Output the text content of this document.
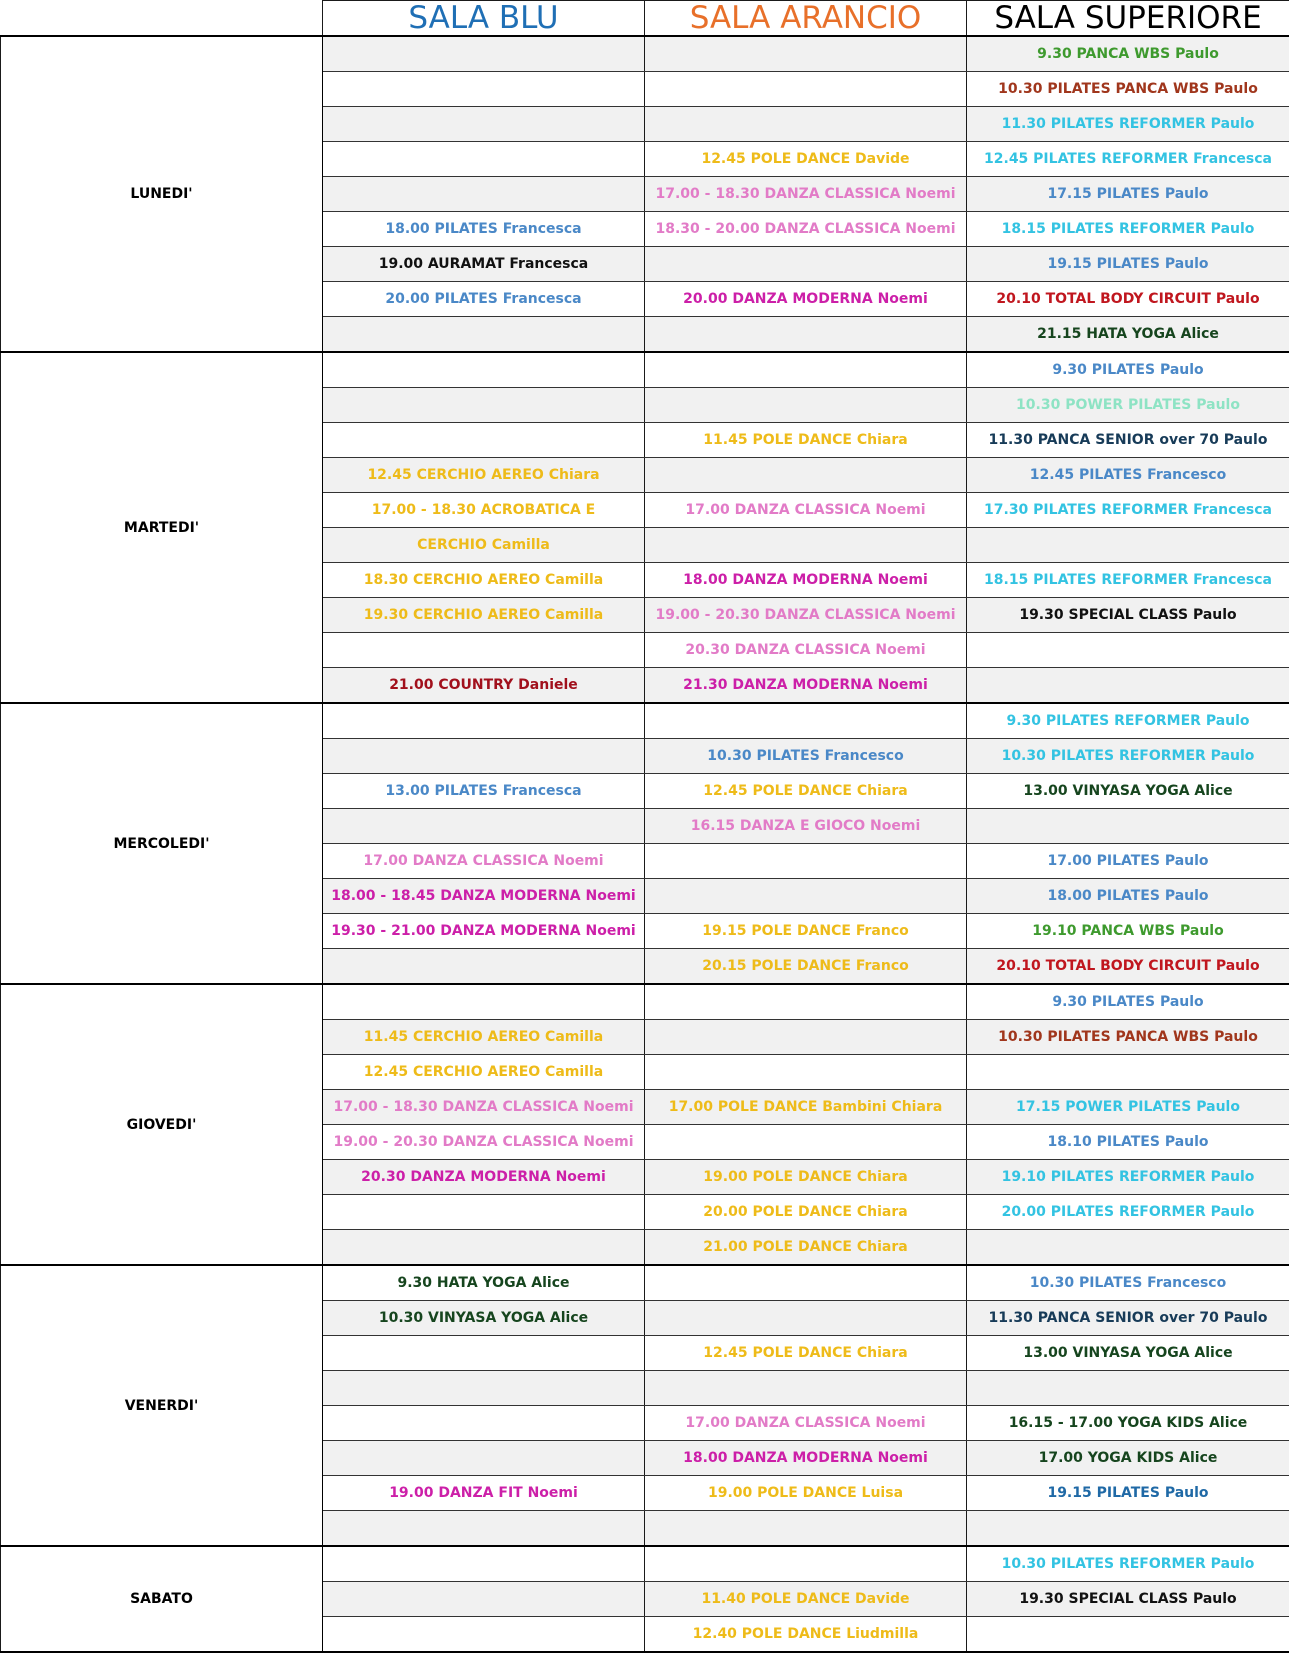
	SALA BLU	SALA ARANCIO	SALA SUPERIORE
LUNEDI'			9.30 PANCA WBS Paulo
			10.30 PILATES PANCA WBS Paulo
			11.30 PILATES REFORMER Paulo
		12.45 POLE DANCE Davide	12.45 PILATES REFORMER Francesca
		17.00 - 18.30 DANZA CLASSICA Noemi	17.15 PILATES Paulo
	18.00 PILATES Francesca	18.30 - 20.00 DANZA CLASSICA Noemi	18.15 PILATES REFORMER Paulo
	19.00 AURAMAT Francesca		19.15 PILATES Paulo
	20.00 PILATES Francesca	20.00 DANZA MODERNA Noemi	20.10 TOTAL BODY CIRCUIT Paulo
			21.15 HATA YOGA Alice
MARTEDI'			9.30 PILATES Paulo
			10.30 POWER PILATES Paulo
		11.45 POLE DANCE Chiara	11.30 PANCA SENIOR over 70 Paulo
	12.45 CERCHIO AEREO Chiara		12.45 PILATES Francesco
	17.00 - 18.30 ACROBATICA E	17.00 DANZA CLASSICA Noemi	17.30 PILATES REFORMER Francesca
	CERCHIO Camilla		
	18.30 CERCHIO AEREO Camilla	18.00 DANZA MODERNA Noemi	18.15 PILATES REFORMER Francesca
	19.30 CERCHIO AEREO Camilla	19.00 - 20.30 DANZA CLASSICA Noemi	19.30 SPECIAL CLASS Paulo
		20.30 DANZA CLASSICA Noemi	
	21.00 COUNTRY Daniele	21.30 DANZA MODERNA Noemi	
MERCOLEDI'			9.30 PILATES REFORMER Paulo
		10.30 PILATES Francesco	10.30 PILATES REFORMER Paulo
	13.00 PILATES Francesca	12.45 POLE DANCE Chiara	13.00 VINYASA YOGA Alice
		16.15 DANZA E GIOCO Noemi	
	17.00 DANZA CLASSICA Noemi		17.00 PILATES Paulo
	18.00 - 18.45 DANZA MODERNA Noemi		18.00 PILATES Paulo
	19.30 - 21.00 DANZA MODERNA Noemi	19.15 POLE DANCE Franco	19.10 PANCA WBS Paulo
		20.15 POLE DANCE Franco	20.10 TOTAL BODY CIRCUIT Paulo
GIOVEDI'			9.30 PILATES Paulo
	11.45 CERCHIO AEREO Camilla		10.30 PILATES PANCA WBS Paulo
	12.45 CERCHIO AEREO Camilla		
	17.00 - 18.30 DANZA CLASSICA Noemi	17.00 POLE DANCE Bambini Chiara	17.15 POWER PILATES Paulo
	19.00 - 20.30 DANZA CLASSICA Noemi		18.10 PILATES Paulo
	20.30 DANZA MODERNA Noemi	19.00 POLE DANCE Chiara	19.10 PILATES REFORMER Paulo
		20.00 POLE DANCE Chiara	20.00 PILATES REFORMER Paulo
		21.00 POLE DANCE Chiara	
VENERDI'	9.30 HATA YOGA Alice		10.30 PILATES Francesco
	10.30 VINYASA YOGA Alice		11.30 PANCA SENIOR over 70 Paulo
		12.45 POLE DANCE Chiara	13.00 VINYASA YOGA Alice

		17.00 DANZA CLASSICA Noemi	16.15 - 17.00 YOGA KIDS Alice
		18.00 DANZA MODERNA Noemi	17.00 YOGA KIDS Alice
	19.00 DANZA FIT Noemi	19.00 POLE DANCE Luisa	19.15 PILATES Paulo

SABATO			10.30 PILATES REFORMER Paulo
		11.40 POLE DANCE Davide	19.30 SPECIAL CLASS Paulo
		12.40 POLE DANCE Liudmilla	
